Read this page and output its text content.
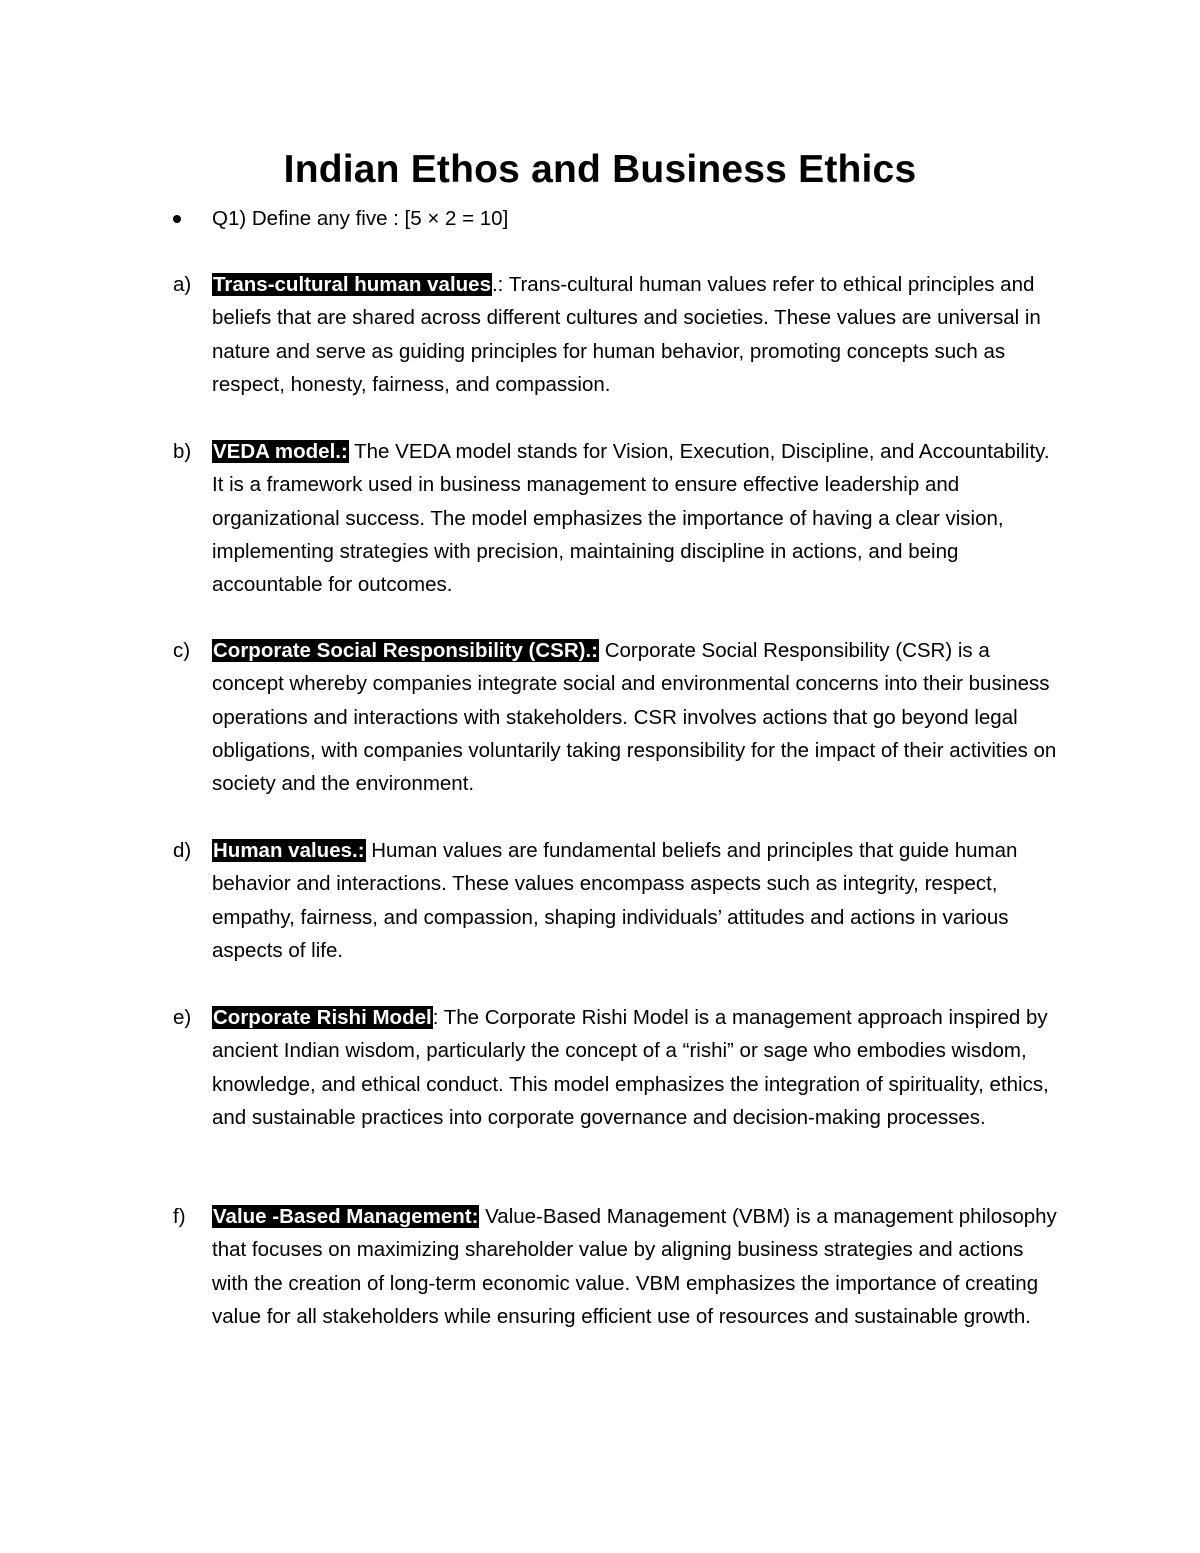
Indian Ethos and Business Ethics
Q1) Define any five : [5 × 2 = 10]
a) Trans-cultural human values.: Trans-cultural human values refer to ethical principles and beliefs that are shared across different cultures and societies. These values are universal in nature and serve as guiding principles for human behavior, promoting concepts such as respect, honesty, fairness, and compassion.
b) VEDA model.: The VEDA model stands for Vision, Execution, Discipline, and Accountability. It is a framework used in business management to ensure effective leadership and organizational success. The model emphasizes the importance of having a clear vision, implementing strategies with precision, maintaining discipline in actions, and being accountable for outcomes.
c) Corporate Social Responsibility (CSR).: Corporate Social Responsibility (CSR) is a concept whereby companies integrate social and environmental concerns into their business operations and interactions with stakeholders. CSR involves actions that go beyond legal obligations, with companies voluntarily taking responsibility for the impact of their activities on society and the environment.
d) Human values.: Human values are fundamental beliefs and principles that guide human behavior and interactions. These values encompass aspects such as integrity, respect, empathy, fairness, and compassion, shaping individuals’ attitudes and actions in various aspects of life.
e) Corporate Rishi Model: The Corporate Rishi Model is a management approach inspired by ancient Indian wisdom, particularly the concept of a “rishi” or sage who embodies wisdom, knowledge, and ethical conduct. This model emphasizes the integration of spirituality, ethics, and sustainable practices into corporate governance and decision-making processes.
f) Value -Based Management: Value-Based Management (VBM) is a management philosophy that focuses on maximizing shareholder value by aligning business strategies and actions with the creation of long-term economic value. VBM emphasizes the importance of creating value for all stakeholders while ensuring efficient use of resources and sustainable growth.
